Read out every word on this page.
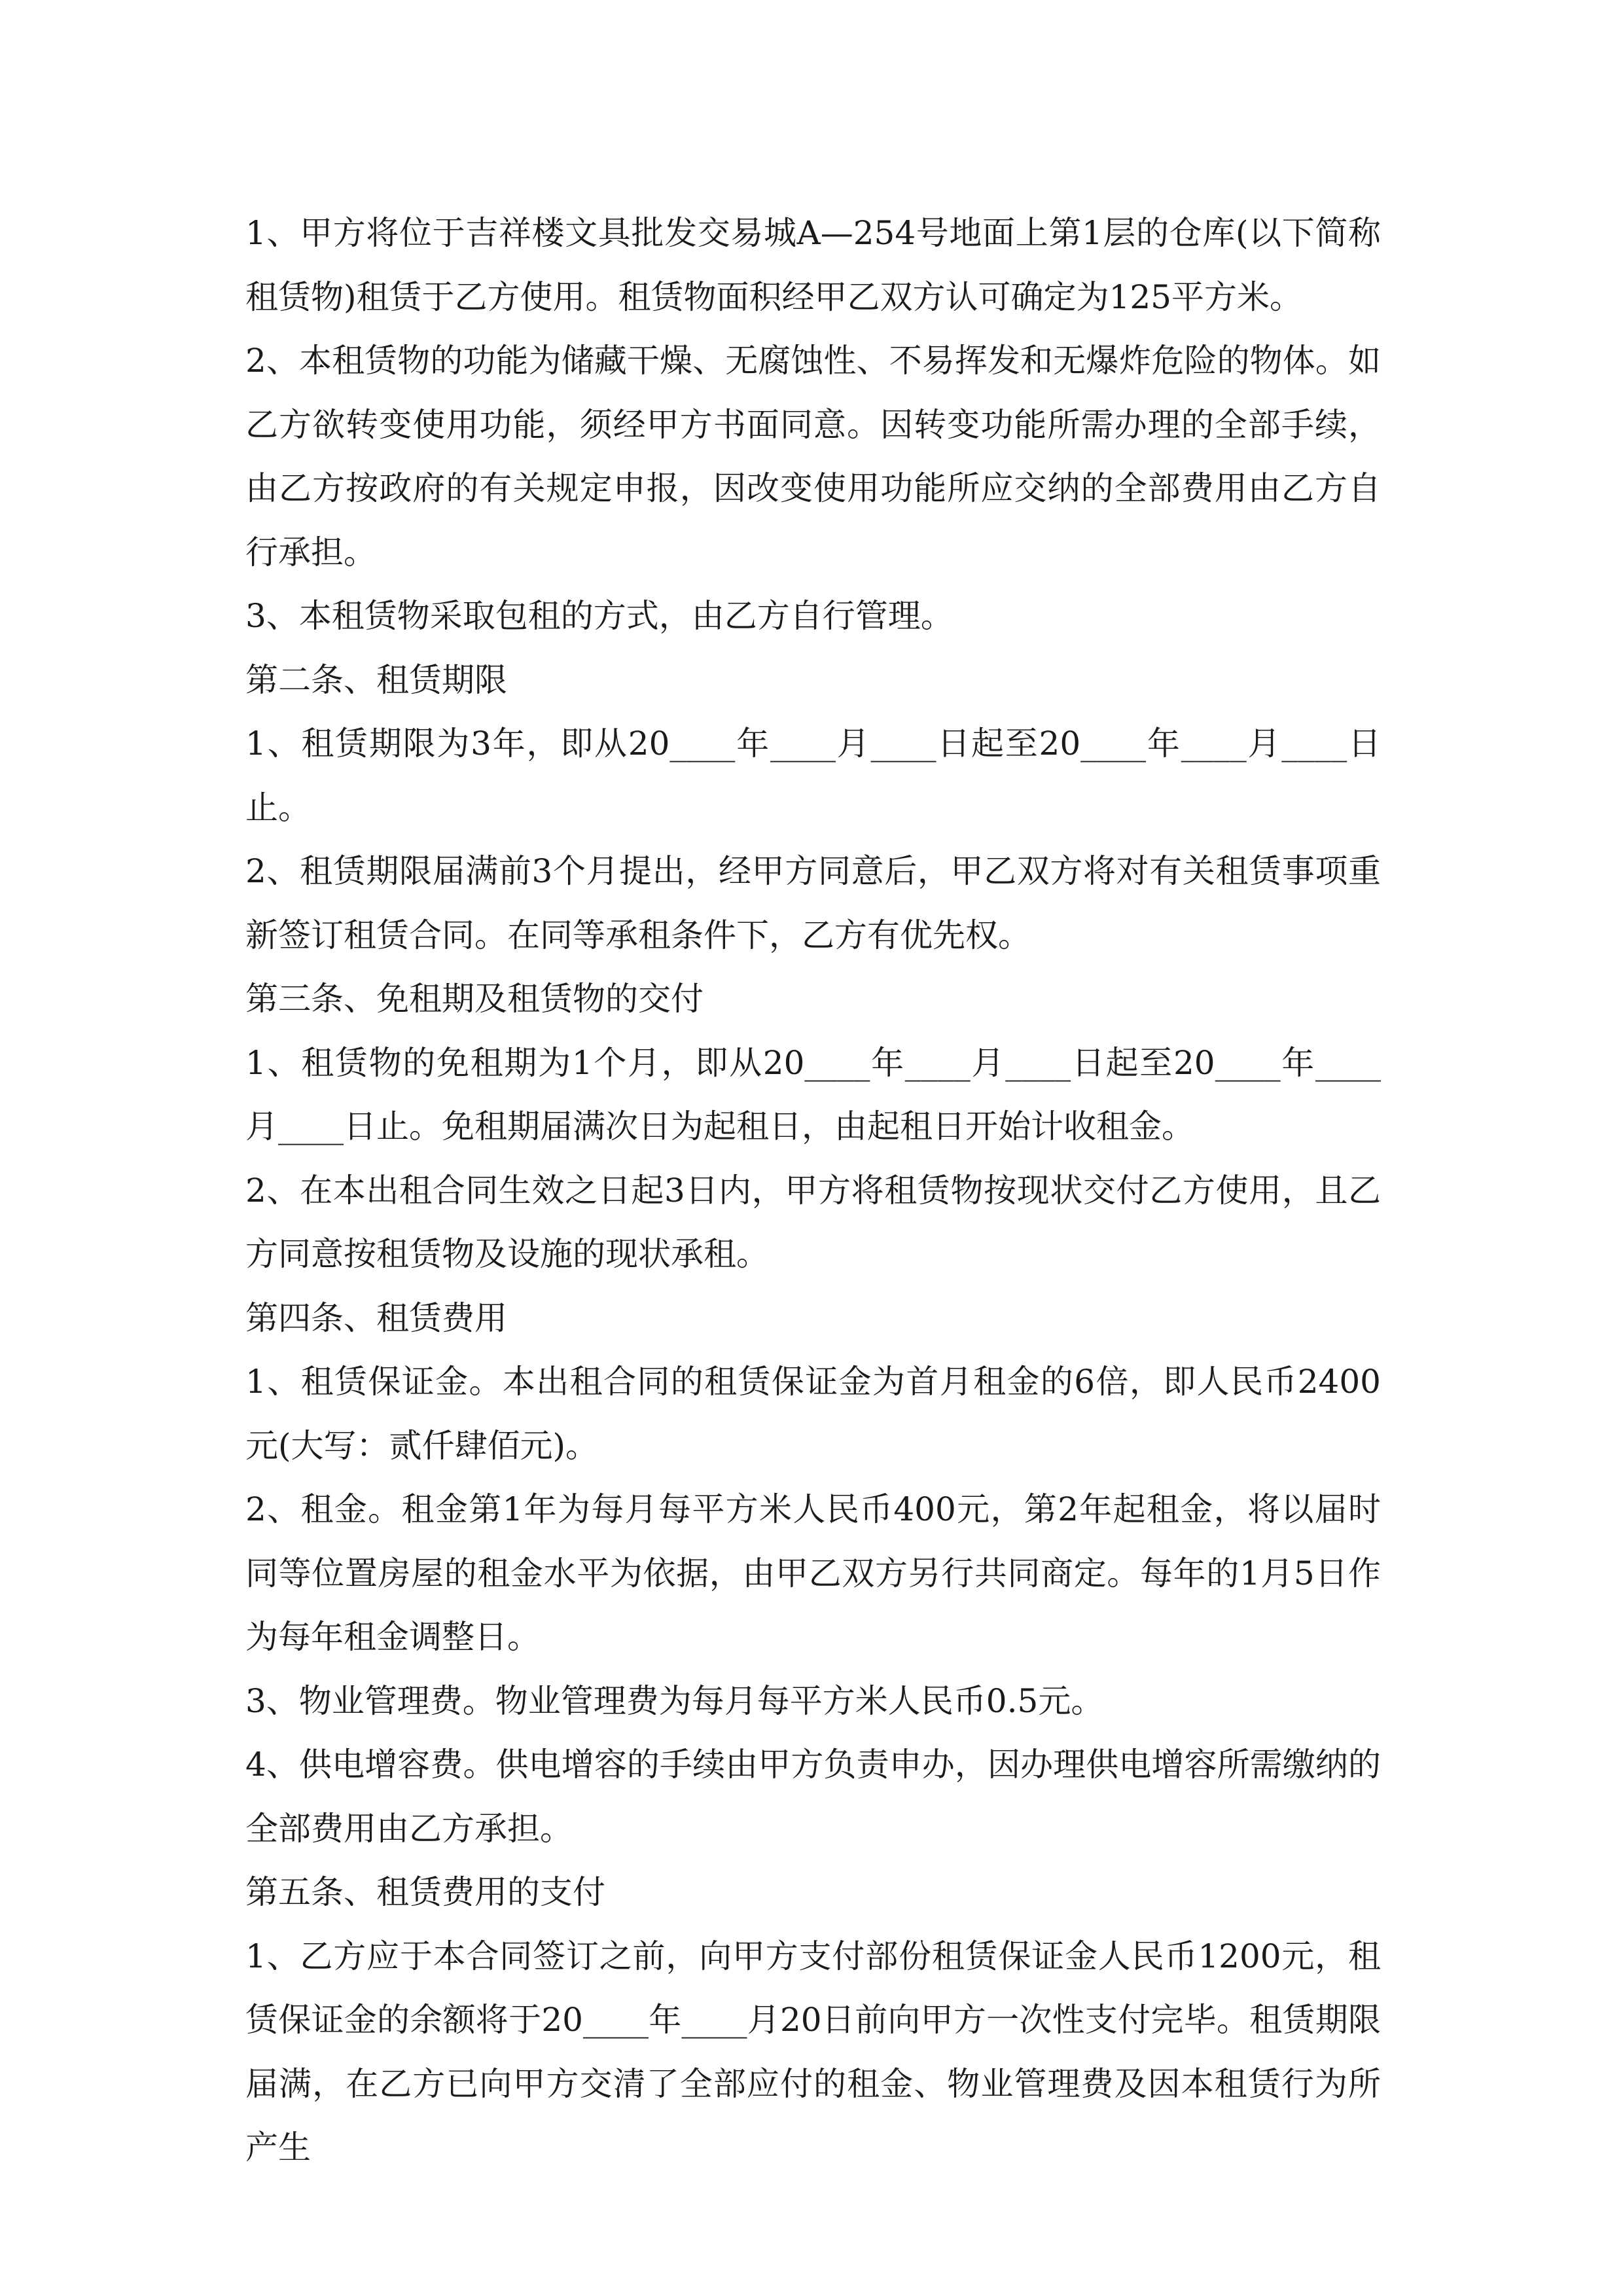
1、甲方将位于吉祥楼文具批发交易城A—254号地面上第1层的仓库(以下简称租赁物)租赁于乙方使用。租赁物面积经甲乙双方认可确定为125平方米。

2、本租赁物的功能为储藏干燥、无腐蚀性、不易挥发和无爆炸危险的物体。如乙方欲转变使用功能，须经甲方书面同意。因转变功能所需办理的全部手续，由乙方按政府的有关规定申报，因改变使用功能所应交纳的全部费用由乙方自行承担。

3、本租赁物采取包租的方式，由乙方自行管理。

第二条、租赁期限

1、租赁期限为3年，即从20____年____月____日起至20____年____月____日止。

2、租赁期限届满前3个月提出，经甲方同意后，甲乙双方将对有关租赁事项重新签订租赁合同。在同等承租条件下，乙方有优先权。

第三条、免租期及租赁物的交付

1、租赁物的免租期为1个月，即从20____年____月____日起至20____年____月____日止。免租期届满次日为起租日，由起租日开始计收租金。

2、在本出租合同生效之日起3日内，甲方将租赁物按现状交付乙方使用，且乙方同意按租赁物及设施的现状承租。

第四条、租赁费用

1、租赁保证金。本出租合同的租赁保证金为首月租金的6倍，即人民币2400元(大写：贰仟肆佰元)。

2、租金。租金第1年为每月每平方米人民币400元，第2年起租金，将以届时同等位置房屋的租金水平为依据，由甲乙双方另行共同商定。每年的1月5日作为每年租金调整日。

3、物业管理费。物业管理费为每月每平方米人民币0.5元。

4、供电增容费。供电增容的手续由甲方负责申办，因办理供电增容所需缴纳的全部费用由乙方承担。

第五条、租赁费用的支付

1、乙方应于本合同签订之前，向甲方支付部份租赁保证金人民币1200元，租赁保证金的余额将于20____年____月20日前向甲方一次性支付完毕。租赁期限届满，在乙方已向甲方交清了全部应付的租金、物业管理费及因本租赁行为所产生
